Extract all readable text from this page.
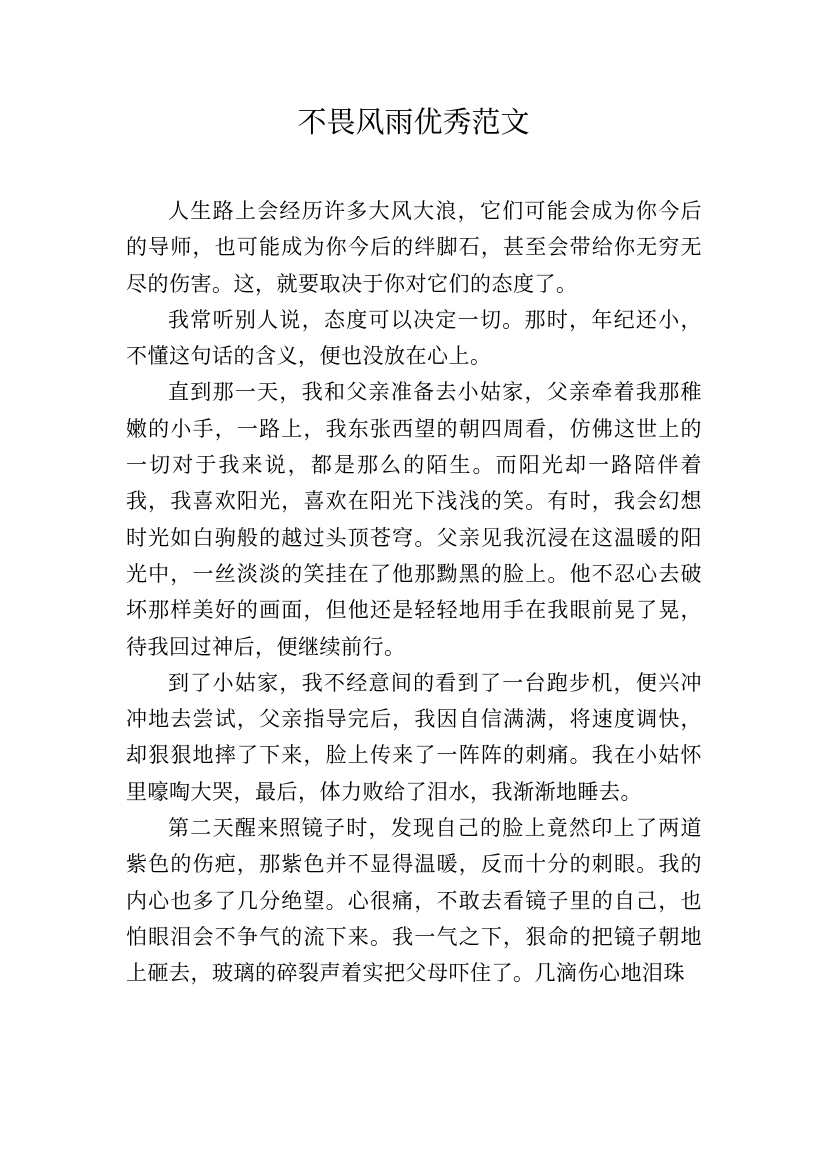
不畏风雨优秀范文

人生路上会经历许多大风大浪，它们可能会成为你今后的导师，也可能成为你今后的绊脚石，甚至会带给你无穷无尽的伤害。这，就要取决于你对它们的态度了。

我常听别人说，态度可以决定一切。那时，年纪还小，不懂这句话的含义，便也没放在心上。

直到那一天，我和父亲准备去小姑家，父亲牵着我那稚嫩的小手，一路上，我东张西望的朝四周看，仿佛这世上的一切对于我来说，都是那么的陌生。而阳光却一路陪伴着我，我喜欢阳光，喜欢在阳光下浅浅的笑。有时，我会幻想时光如白驹般的越过头顶苍穹。父亲见我沉浸在这温暖的阳光中，一丝淡淡的笑挂在了他那黝黑的脸上。他不忍心去破坏那样美好的画面，但他还是轻轻地用手在我眼前晃了晃，待我回过神后，便继续前行。

到了小姑家，我不经意间的看到了一台跑步机，便兴冲冲地去尝试，父亲指导完后，我因自信满满，将速度调快，却狠狠地摔了下来，脸上传来了一阵阵的刺痛。我在小姑怀里嚎啕大哭，最后，体力败给了泪水，我渐渐地睡去。

第二天醒来照镜子时，发现自己的脸上竟然印上了两道紫色的伤疤，那紫色并不显得温暖，反而十分的刺眼。我的内心也多了几分绝望。心很痛，不敢去看镜子里的自己，也怕眼泪会不争气的流下来。我一气之下，狠命的把镜子朝地上砸去，玻璃的碎裂声着实把父母吓住了。几滴伤心地泪珠
